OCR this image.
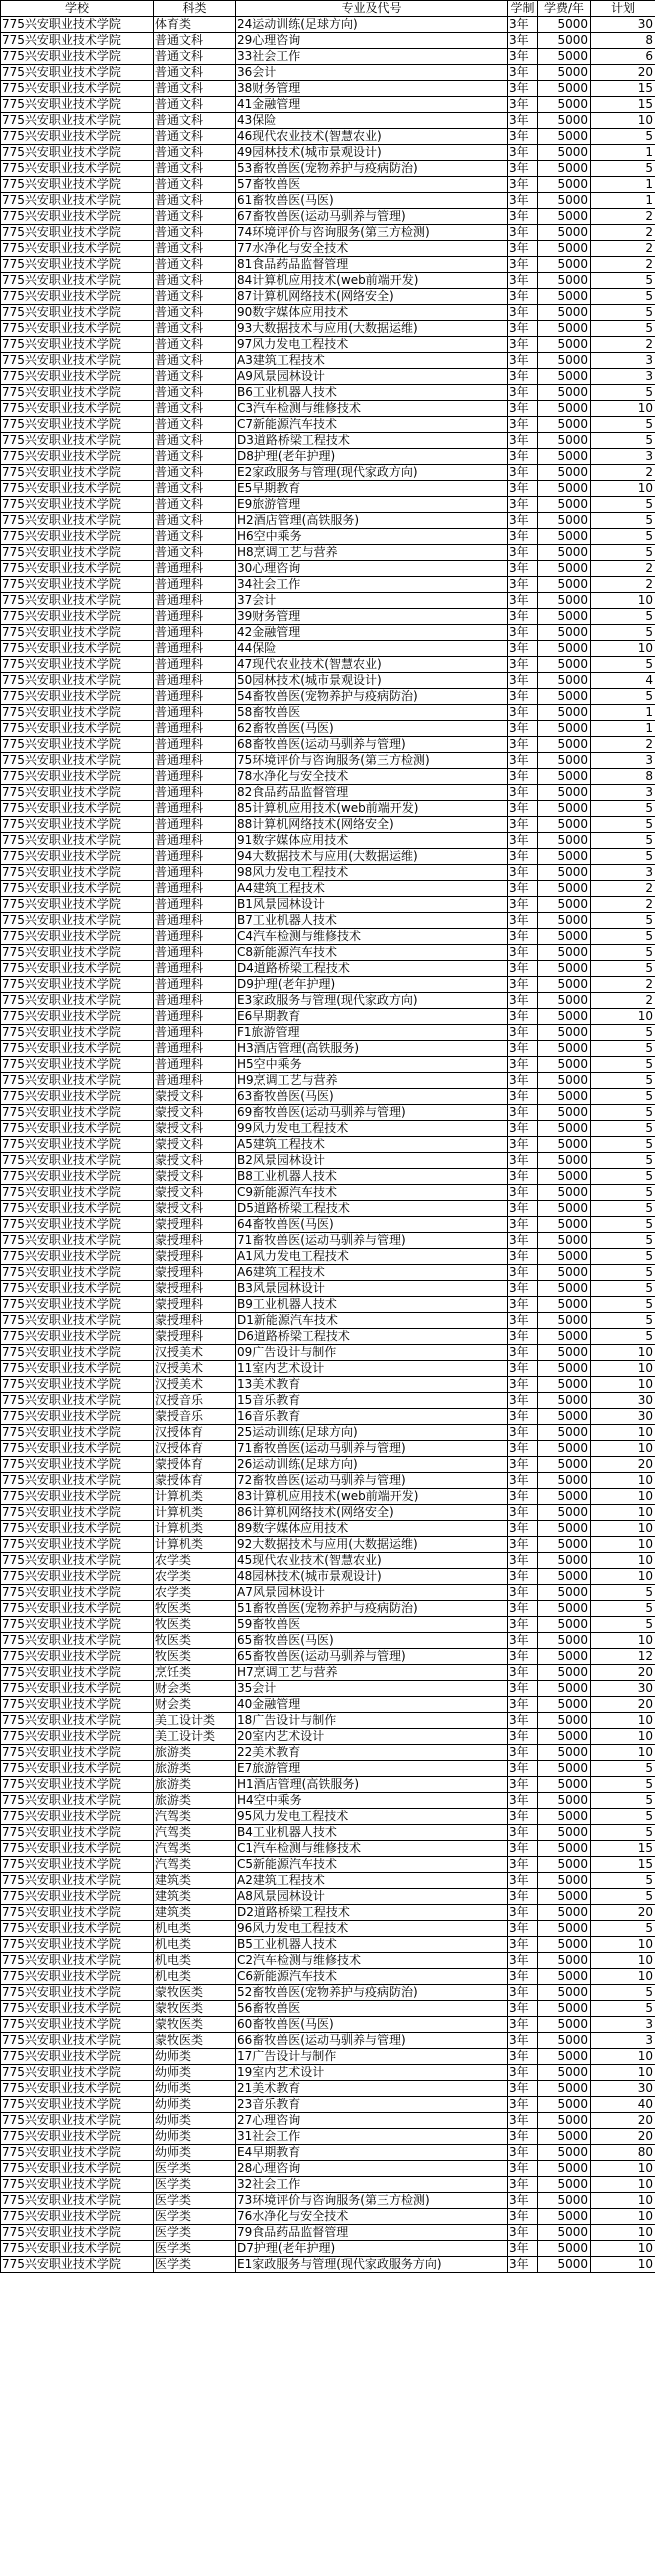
学校	科类	专业及代号	学制	学费/年	计划
775兴安职业技术学院	体育类	24运动训练(足球方向)	3年	5000	30
775兴安职业技术学院	普通文科	29心理咨询	3年	5000	8
775兴安职业技术学院	普通文科	33社会工作	3年	5000	6
775兴安职业技术学院	普通文科	36会计	3年	5000	20
775兴安职业技术学院	普通文科	38财务管理	3年	5000	15
775兴安职业技术学院	普通文科	41金融管理	3年	5000	15
775兴安职业技术学院	普通文科	43保险	3年	5000	10
775兴安职业技术学院	普通文科	46现代农业技术(智慧农业)	3年	5000	5
775兴安职业技术学院	普通文科	49园林技术(城市景观设计)	3年	5000	1
775兴安职业技术学院	普通文科	53畜牧兽医(宠物养护与疫病防治)	3年	5000	5
775兴安职业技术学院	普通文科	57畜牧兽医	3年	5000	1
775兴安职业技术学院	普通文科	61畜牧兽医(马医)	3年	5000	1
775兴安职业技术学院	普通文科	67畜牧兽医(运动马驯养与管理)	3年	5000	2
775兴安职业技术学院	普通文科	74环境评价与咨询服务(第三方检测)	3年	5000	2
775兴安职业技术学院	普通文科	77水净化与安全技术	3年	5000	2
775兴安职业技术学院	普通文科	81食品药品监督管理	3年	5000	2
775兴安职业技术学院	普通文科	84计算机应用技术(web前端开发)	3年	5000	5
775兴安职业技术学院	普通文科	87计算机网络技术(网络安全)	3年	5000	5
775兴安职业技术学院	普通文科	90数字媒体应用技术	3年	5000	5
775兴安职业技术学院	普通文科	93大数据技术与应用(大数据运维)	3年	5000	5
775兴安职业技术学院	普通文科	97风力发电工程技术	3年	5000	2
775兴安职业技术学院	普通文科	A3建筑工程技术	3年	5000	3
775兴安职业技术学院	普通文科	A9风景园林设计	3年	5000	3
775兴安职业技术学院	普通文科	B6工业机器人技术	3年	5000	5
775兴安职业技术学院	普通文科	C3汽车检测与维修技术	3年	5000	10
775兴安职业技术学院	普通文科	C7新能源汽车技术	3年	5000	5
775兴安职业技术学院	普通文科	D3道路桥梁工程技术	3年	5000	5
775兴安职业技术学院	普通文科	D8护理(老年护理)	3年	5000	3
775兴安职业技术学院	普通文科	E2家政服务与管理(现代家政方向)	3年	5000	2
775兴安职业技术学院	普通文科	E5早期教育	3年	5000	10
775兴安职业技术学院	普通文科	E9旅游管理	3年	5000	5
775兴安职业技术学院	普通文科	H2酒店管理(高铁服务)	3年	5000	5
775兴安职业技术学院	普通文科	H6空中乘务	3年	5000	5
775兴安职业技术学院	普通文科	H8烹调工艺与营养	3年	5000	5
775兴安职业技术学院	普通理科	30心理咨询	3年	5000	2
775兴安职业技术学院	普通理科	34社会工作	3年	5000	2
775兴安职业技术学院	普通理科	37会计	3年	5000	10
775兴安职业技术学院	普通理科	39财务管理	3年	5000	5
775兴安职业技术学院	普通理科	42金融管理	3年	5000	5
775兴安职业技术学院	普通理科	44保险	3年	5000	10
775兴安职业技术学院	普通理科	47现代农业技术(智慧农业)	3年	5000	5
775兴安职业技术学院	普通理科	50园林技术(城市景观设计)	3年	5000	4
775兴安职业技术学院	普通理科	54畜牧兽医(宠物养护与疫病防治)	3年	5000	5
775兴安职业技术学院	普通理科	58畜牧兽医	3年	5000	1
775兴安职业技术学院	普通理科	62畜牧兽医(马医)	3年	5000	1
775兴安职业技术学院	普通理科	68畜牧兽医(运动马驯养与管理)	3年	5000	2
775兴安职业技术学院	普通理科	75环境评价与咨询服务(第三方检测)	3年	5000	3
775兴安职业技术学院	普通理科	78水净化与安全技术	3年	5000	8
775兴安职业技术学院	普通理科	82食品药品监督管理	3年	5000	3
775兴安职业技术学院	普通理科	85计算机应用技术(web前端开发)	3年	5000	5
775兴安职业技术学院	普通理科	88计算机网络技术(网络安全)	3年	5000	5
775兴安职业技术学院	普通理科	91数字媒体应用技术	3年	5000	5
775兴安职业技术学院	普通理科	94大数据技术与应用(大数据运维)	3年	5000	5
775兴安职业技术学院	普通理科	98风力发电工程技术	3年	5000	3
775兴安职业技术学院	普通理科	A4建筑工程技术	3年	5000	2
775兴安职业技术学院	普通理科	B1风景园林设计	3年	5000	2
775兴安职业技术学院	普通理科	B7工业机器人技术	3年	5000	5
775兴安职业技术学院	普通理科	C4汽车检测与维修技术	3年	5000	5
775兴安职业技术学院	普通理科	C8新能源汽车技术	3年	5000	5
775兴安职业技术学院	普通理科	D4道路桥梁工程技术	3年	5000	5
775兴安职业技术学院	普通理科	D9护理(老年护理)	3年	5000	2
775兴安职业技术学院	普通理科	E3家政服务与管理(现代家政方向)	3年	5000	2
775兴安职业技术学院	普通理科	E6早期教育	3年	5000	10
775兴安职业技术学院	普通理科	F1旅游管理	3年	5000	5
775兴安职业技术学院	普通理科	H3酒店管理(高铁服务)	3年	5000	5
775兴安职业技术学院	普通理科	H5空中乘务	3年	5000	5
775兴安职业技术学院	普通理科	H9烹调工艺与营养	3年	5000	5
775兴安职业技术学院	蒙授文科	63畜牧兽医(马医)	3年	5000	5
775兴安职业技术学院	蒙授文科	69畜牧兽医(运动马驯养与管理)	3年	5000	5
775兴安职业技术学院	蒙授文科	99风力发电工程技术	3年	5000	5
775兴安职业技术学院	蒙授文科	A5建筑工程技术	3年	5000	5
775兴安职业技术学院	蒙授文科	B2风景园林设计	3年	5000	5
775兴安职业技术学院	蒙授文科	B8工业机器人技术	3年	5000	5
775兴安职业技术学院	蒙授文科	C9新能源汽车技术	3年	5000	5
775兴安职业技术学院	蒙授文科	D5道路桥梁工程技术	3年	5000	5
775兴安职业技术学院	蒙授理科	64畜牧兽医(马医)	3年	5000	5
775兴安职业技术学院	蒙授理科	71畜牧兽医(运动马驯养与管理)	3年	5000	5
775兴安职业技术学院	蒙授理科	A1风力发电工程技术	3年	5000	5
775兴安职业技术学院	蒙授理科	A6建筑工程技术	3年	5000	5
775兴安职业技术学院	蒙授理科	B3风景园林设计	3年	5000	5
775兴安职业技术学院	蒙授理科	B9工业机器人技术	3年	5000	5
775兴安职业技术学院	蒙授理科	D1新能源汽车技术	3年	5000	5
775兴安职业技术学院	蒙授理科	D6道路桥梁工程技术	3年	5000	5
775兴安职业技术学院	汉授美术	09广告设计与制作	3年	5000	10
775兴安职业技术学院	汉授美术	11室内艺术设计	3年	5000	10
775兴安职业技术学院	汉授美术	13美术教育	3年	5000	10
775兴安职业技术学院	汉授音乐	15音乐教育	3年	5000	30
775兴安职业技术学院	蒙授音乐	16音乐教育	3年	5000	30
775兴安职业技术学院	汉授体育	25运动训练(足球方向)	3年	5000	10
775兴安职业技术学院	汉授体育	71畜牧兽医(运动马驯养与管理)	3年	5000	10
775兴安职业技术学院	蒙授体育	26运动训练(足球方向)	3年	5000	20
775兴安职业技术学院	蒙授体育	72畜牧兽医(运动马驯养与管理)	3年	5000	10
775兴安职业技术学院	计算机类	83计算机应用技术(web前端开发)	3年	5000	10
775兴安职业技术学院	计算机类	86计算机网络技术(网络安全)	3年	5000	10
775兴安职业技术学院	计算机类	89数字媒体应用技术	3年	5000	10
775兴安职业技术学院	计算机类	92大数据技术与应用(大数据运维)	3年	5000	10
775兴安职业技术学院	农学类	45现代农业技术(智慧农业)	3年	5000	10
775兴安职业技术学院	农学类	48园林技术(城市景观设计)	3年	5000	10
775兴安职业技术学院	农学类	A7风景园林设计	3年	5000	5
775兴安职业技术学院	牧医类	51畜牧兽医(宠物养护与疫病防治)	3年	5000	5
775兴安职业技术学院	牧医类	59畜牧兽医	3年	5000	5
775兴安职业技术学院	牧医类	65畜牧兽医(马医)	3年	5000	10
775兴安职业技术学院	牧医类	65畜牧兽医(运动马驯养与管理)	3年	5000	12
775兴安职业技术学院	烹饪类	H7烹调工艺与营养	3年	5000	20
775兴安职业技术学院	财会类	35会计	3年	5000	30
775兴安职业技术学院	财会类	40金融管理	3年	5000	20
775兴安职业技术学院	美工设计类	18广告设计与制作	3年	5000	10
775兴安职业技术学院	美工设计类	20室内艺术设计	3年	5000	10
775兴安职业技术学院	旅游类	22美术教育	3年	5000	10
775兴安职业技术学院	旅游类	E7旅游管理	3年	5000	5
775兴安职业技术学院	旅游类	H1酒店管理(高铁服务)	3年	5000	5
775兴安职业技术学院	旅游类	H4空中乘务	3年	5000	5
775兴安职业技术学院	汽驾类	95风力发电工程技术	3年	5000	5
775兴安职业技术学院	汽驾类	B4工业机器人技术	3年	5000	5
775兴安职业技术学院	汽驾类	C1汽车检测与维修技术	3年	5000	15
775兴安职业技术学院	汽驾类	C5新能源汽车技术	3年	5000	15
775兴安职业技术学院	建筑类	A2建筑工程技术	3年	5000	5
775兴安职业技术学院	建筑类	A8风景园林设计	3年	5000	5
775兴安职业技术学院	建筑类	D2道路桥梁工程技术	3年	5000	20
775兴安职业技术学院	机电类	96风力发电工程技术	3年	5000	5
775兴安职业技术学院	机电类	B5工业机器人技术	3年	5000	10
775兴安职业技术学院	机电类	C2汽车检测与维修技术	3年	5000	10
775兴安职业技术学院	机电类	C6新能源汽车技术	3年	5000	10
775兴安职业技术学院	蒙牧医类	52畜牧兽医(宠物养护与疫病防治)	3年	5000	5
775兴安职业技术学院	蒙牧医类	56畜牧兽医	3年	5000	5
775兴安职业技术学院	蒙牧医类	60畜牧兽医(马医)	3年	5000	3
775兴安职业技术学院	蒙牧医类	66畜牧兽医(运动马驯养与管理)	3年	5000	3
775兴安职业技术学院	幼师类	17广告设计与制作	3年	5000	10
775兴安职业技术学院	幼师类	19室内艺术设计	3年	5000	10
775兴安职业技术学院	幼师类	21美术教育	3年	5000	30
775兴安职业技术学院	幼师类	23音乐教育	3年	5000	40
775兴安职业技术学院	幼师类	27心理咨询	3年	5000	20
775兴安职业技术学院	幼师类	31社会工作	3年	5000	20
775兴安职业技术学院	幼师类	E4早期教育	3年	5000	80
775兴安职业技术学院	医学类	28心理咨询	3年	5000	10
775兴安职业技术学院	医学类	32社会工作	3年	5000	10
775兴安职业技术学院	医学类	73环境评价与咨询服务(第三方检测)	3年	5000	10
775兴安职业技术学院	医学类	76水净化与安全技术	3年	5000	10
775兴安职业技术学院	医学类	79食品药品监督管理	3年	5000	10
775兴安职业技术学院	医学类	D7护理(老年护理)	3年	5000	10
775兴安职业技术学院	医学类	E1家政服务与管理(现代家政服务方向)	3年	5000	10
